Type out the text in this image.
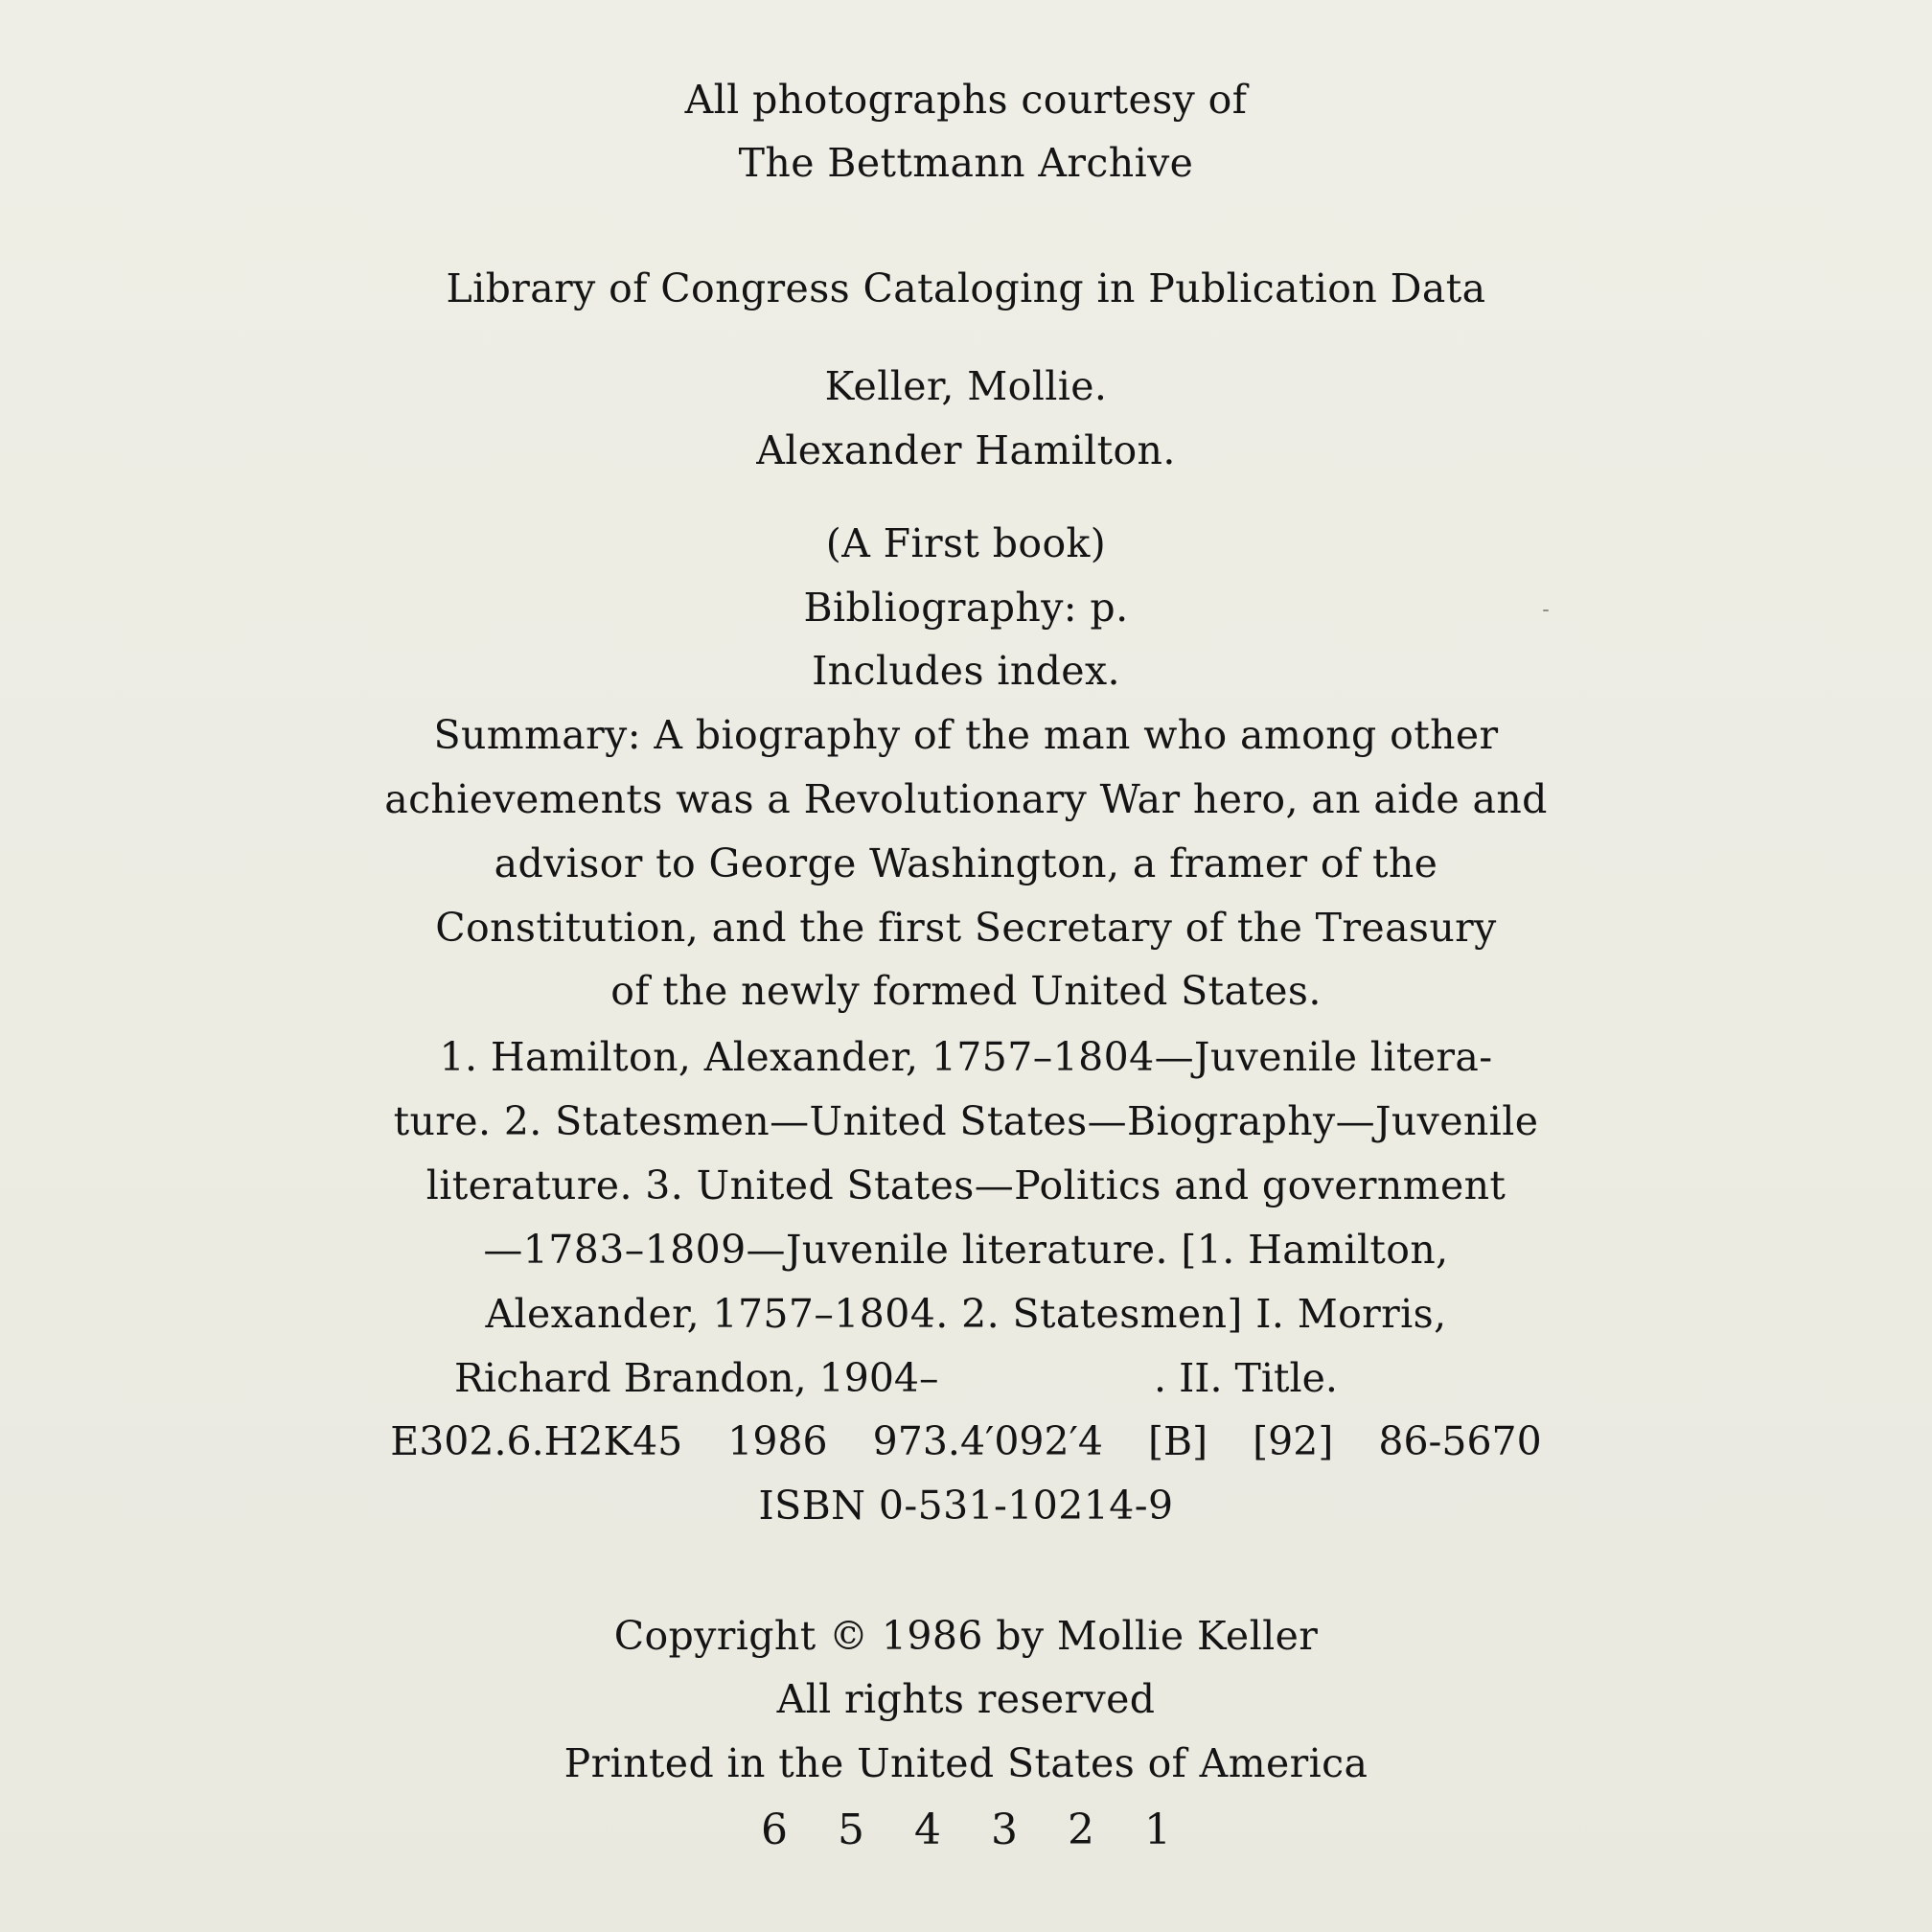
All photographs courtesy of
The Bettmann Archive
Library of Congress Cataloging in Publication Data
Keller, Mollie.
Alexander Hamilton.
(A First book)
Bibliography: p.
Includes index.
Summary: A biography of the man who among other
achievements was a Revolutionary War hero, an aide and
advisor to George Washington, a framer of the
Constitution, and the first Secretary of the Treasury
of the newly formed United States.
1. Hamilton, Alexander, 1757–1804—Juvenile litera-
ture. 2. Statesmen—United States—Biography—Juvenile
literature. 3. United States—Politics and government
—1783–1809—Juvenile literature. [1. Hamilton,
Alexander, 1757–1804. 2. Statesmen] I. Morris,
Richard Brandon, 1904–	. II. Title.
E302.6.H2K45 1986 973.4′092′4 [B] [92] 86-5670
ISBN 0-531-10214-9
Copyright © 1986 by Mollie Keller
All rights reserved
Printed in the United States of America
6 5 4 3 2 1
